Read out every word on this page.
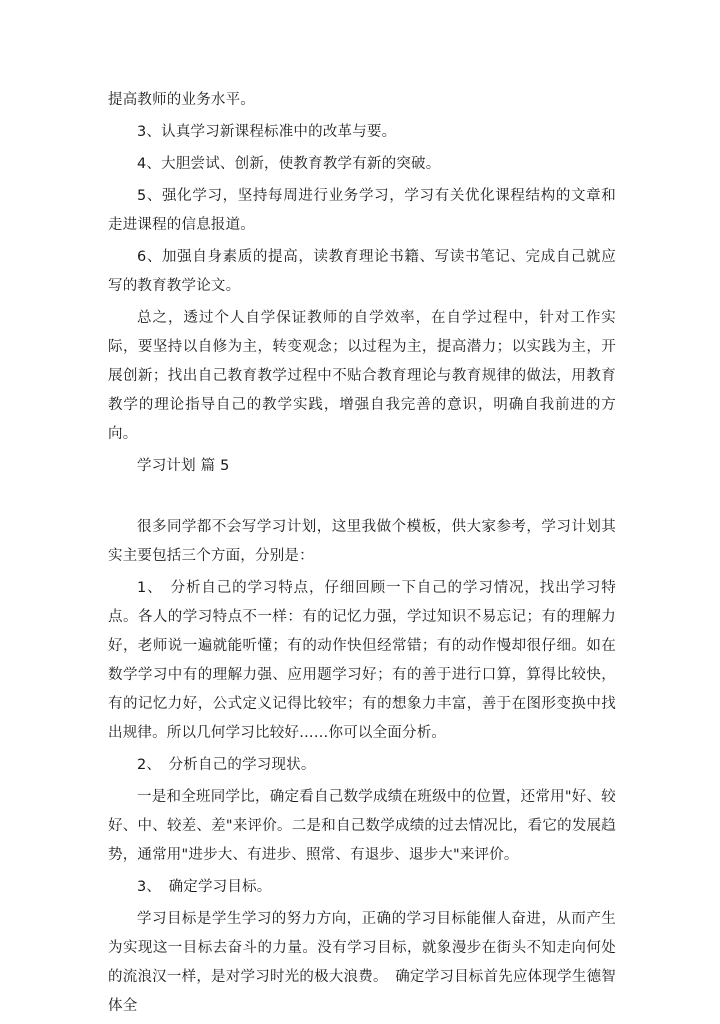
提高教师的业务水平。

3、认真学习新课程标准中的改革与要。

4、大胆尝试、创新，使教育教学有新的突破。

5、强化学习，坚持每周进行业务学习，学习有关优化课程结构的文章和走进课程的信息报道。

6、加强自身素质的提高，读教育理论书籍、写读书笔记、完成自己就应写的教育教学论文。

总之，透过个人自学保证教师的自学效率，在自学过程中，针对工作实际，要坚持以自修为主，转变观念；以过程为主，提高潜力；以实践为主，开展创新；找出自己教育教学过程中不贴合教育理论与教育规律的做法，用教育教学的理论指导自己的教学实践，增强自我完善的意识，明确自我前进的方向。

学习计划 篇 5

很多同学都不会写学习计划，这里我做个模板，供大家参考，学习计划其实主要包括三个方面，分别是：

1、　分析自己的学习特点，仔细回顾一下自己的学习情况，找出学习特点。各人的学习特点不一样：有的记忆力强，学过知识不易忘记；有的理解力好，老师说一遍就能听懂；有的动作快但经常错；有的动作慢却很仔细。如在数学学习中有的理解力强、应用题学习好；有的善于进行口算，算得比较快，有的记忆力好，公式定义记得比较牢；有的想象力丰富，善于在图形变换中找出规律。所以几何学习比较好……你可以全面分析。

2、　分析自己的学习现状。

一是和全班同学比，确定看自己数学成绩在班级中的位置，还常用"好、较好、中、较差、差"来评价。二是和自己数学成绩的过去情况比，看它的发展趋势，通常用"进步大、有进步、照常、有退步、退步大"来评价。

3、　确定学习目标。

学习目标是学生学习的努力方向，正确的学习目标能催人奋进，从而产生为实现这一目标去奋斗的力量。没有学习目标，就象漫步在街头不知走向何处的流浪汉一样，是对学习时光的极大浪费。　确定学习目标首先应体现学生德智体全
